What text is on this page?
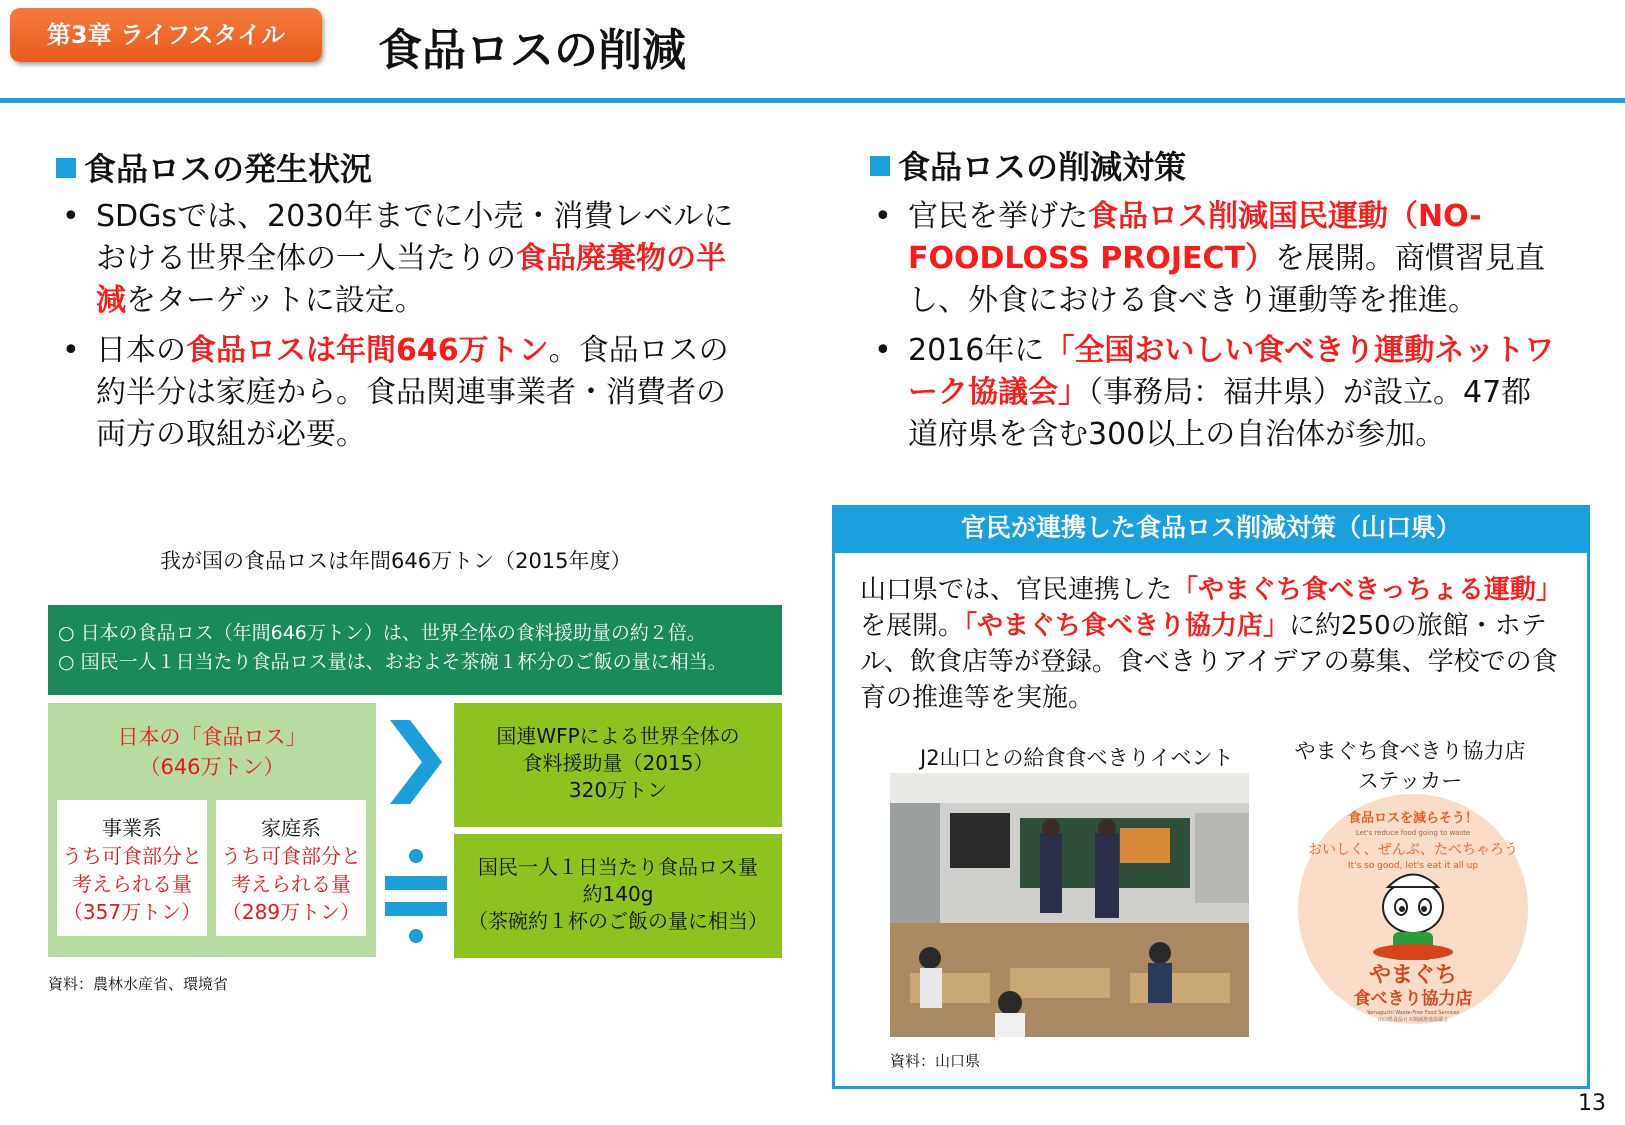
第3章 ライフスタイル	食品ロスの削減
食品ロスの発生状況
• SDGsでは、2030年までに小売・消費レベルにおける世界全体の一人当たりの食品廃棄物の半減をターゲットに設定。
• 日本の食品ロスは年間646万トン。食品ロスの約半分は家庭から。食品関連事業者・消費者の両方の取組が必要。
我が国の食品ロスは年間646万トン（2015年度）
○ 日本の食品ロス（年間646万トン）は、世界全体の食料援助量の約２倍。
○ 国民一人１日当たり食品ロス量は、おおよそ茶碗１杯分のご飯の量に相当。
日本の「食品ロス」
（646万トン）
事業系
うち可食部分と
考えられる量
（357万トン）
家庭系
うち可食部分と
考えられる量
（289万トン）
国連WFPによる世界全体の
食料援助量（2015）
320万トン
国民一人１日当たり食品ロス量
約140g
（茶碗約１杯のご飯の量に相当）
資料：農林水産省、環境省
食品ロスの削減対策
• 官民を挙げた食品ロス削減国民運動（NO-FOODLOSS PROJECT）を展開。商慣習見直し、外食における食べきり運動等を推進。
• 2016年に「全国おいしい食べきり運動ネットワーク協議会」（事務局：福井県）が設立。47都道府県を含む300以上の自治体が参加。
官民が連携した食品ロス削減対策（山口県）
山口県では、官民連携した「やまぐち食べきっちょる運動」を展開。「やまぐち食べきり協力店」に約250の旅館・ホテル、飲食店等が登録。食べきりアイデアの募集、学校での食育の推進等を実施。
J2山口との給食食べきりイベント	やまぐち食べきり協力店
ステッカー
食品ロスを減らそう！
Let's reduce food going to waste
おいしく、ぜんぶ、たべちゃろう
It's so good, let's eat it all up
やまぐち
食べきり協力店
Yamaguchi Waste-Free Food Services
山口県食品ロス削減推進協議会
資料：山口県
13
